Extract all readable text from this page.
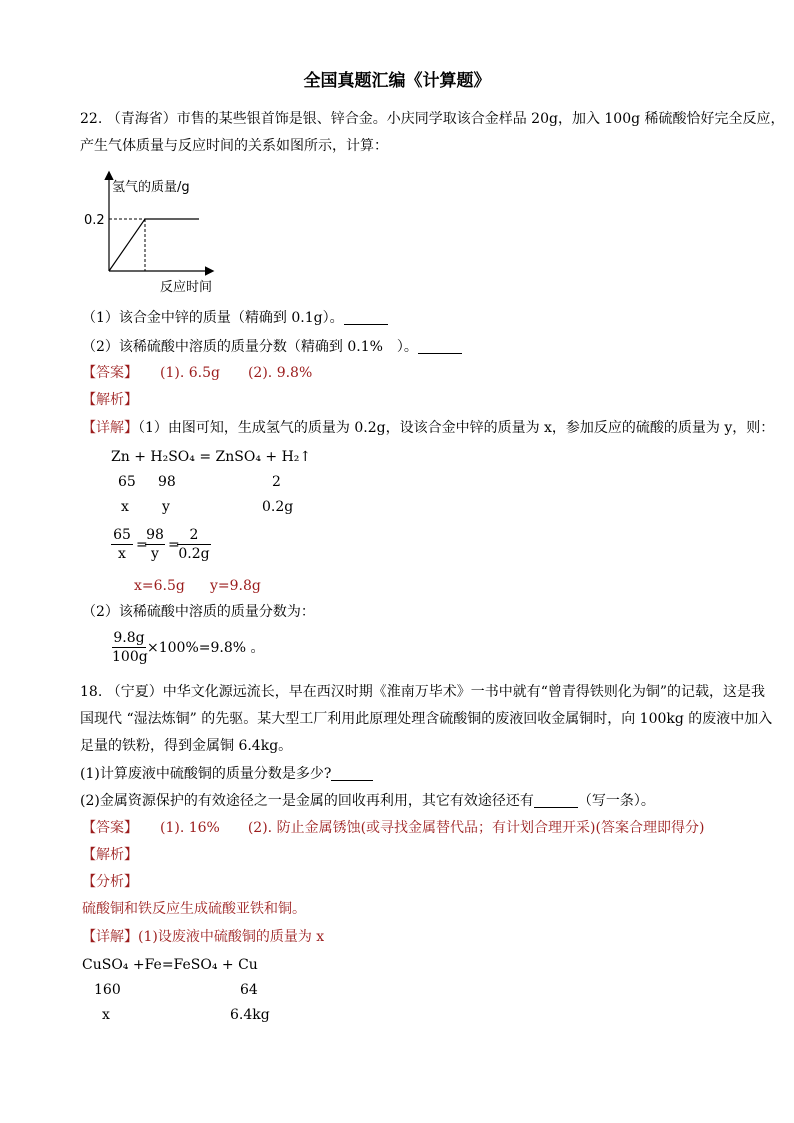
全国真题汇编《计算题》
22. （青海省）市售的某些银首饰是银、锌合金。小庆同学取该合金样品 20g，加入 100g 稀硫酸恰好完全反应，
产生气体质量与反应时间的关系如图所示，计算：
氢气的质量/g
0.2
反应时间
（1）该合金中锌的质量（精确到 0.1g）。
（2）该稀硫酸中溶质的质量分数（精确到 0.1%　）。
【答案】 (1). 6.5g　　(2). 9.8%
【解析】
【详解】（1）由图可知，生成氢气的质量为 0.2g，设该合金中锌的质量为 x，参加反应的硫酸的质量为 y，则：
Zn + H₂SO₄ = ZnSO₄ + H₂↑
65 98	2
x y	0.2g
65
x
=
98
y
=
2
0.2g
x=6.5g y=9.8g
（2）该稀硫酸中溶质的质量分数为：
9.8g
100g
×100%=9.8% 。
18. （宁夏）中华文化源远流长，早在西汉时期《淮南万毕术》一书中就有“曾青得铁则化为铜”的记载，这是我
国现代 “湿法炼铜” 的先驱。某大型工厂利用此原理处理含硫酸铜的废液回收金属铜时，向 100kg 的废液中加入
足量的铁粉，得到金属铜 6.4kg。
(1)计算废液中硫酸铜的质量分数是多少?
(2)金属资源保护的有效途径之一是金属的回收再利用，其它有效途径还有	（写一条）。
【答案】 (1). 16%　　(2). 防止金属锈蚀(或寻找金属替代品；有计划合理开采)(答案合理即得分)
【解析】
【分析】
硫酸铜和铁反应生成硫酸亚铁和铜。
【详解】(1)设废液中硫酸铜的质量为 x
CuSO₄ +Fe=FeSO₄ + Cu
160	64
x	6.4kg
